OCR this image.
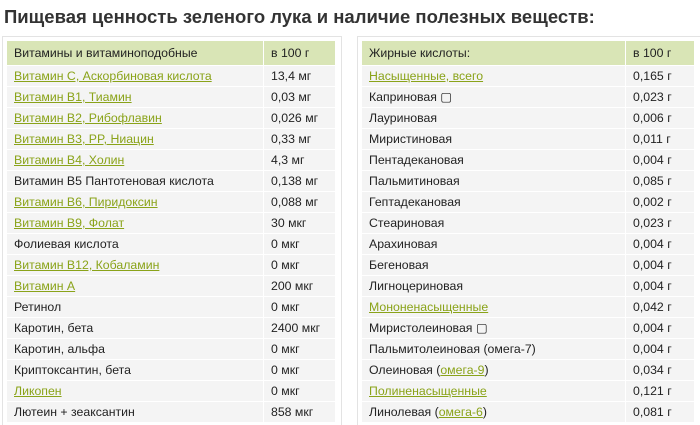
Пищевая ценность зеленого лука и наличие полезных веществ:
Витамины и витаминоподобные	в 100 г
Витамин C, Аскорбиновая кислота	13,4 мг
Витамин B1, Тиамин	0,03 мг
Витамин B2, Рибофлавин	0,026 мг
Витамин B3, PP, Ниацин	0,33 мг
Витамин B4, Холин	4,3 мг
Витамин B5 Пантотеновая кислота	0,138 мг
Витамин B6, Пиридоксин	0,088 мг
Витамин B9, Фолат	30 мкг
Фолиевая кислота	0 мкг
Витамин B12, Кобаламин	0 мкг
Витамин A	200 мкг
Ретинол	0 мкг
Каротин, бета	2400 мкг
Каротин, альфа	0 мкг
Криптоксантин, бета	0 мкг
Ликопен	0 мкг
Лютеин + зеаксантин	858 мкг
Жирные кислоты:	в 100 г
Насыщенные, всего	0,165 г
Каприновая ▢	0,023 г
Лауриновая	0,006 г
Миристиновая	0,011 г
Пентадекановая	0,004 г
Пальмитиновая	0,085 г
Гептадекановая	0,002 г
Стеариновая	0,023 г
Арахиновая	0,004 г
Бегеновая	0,004 г
Лигноцериновая	0,004 г
Мононенасыщенные	0,042 г
Миристолеиновая ▢	0,004 г
Пальмитолеиновая (омега-7)	0,004 г
Олеиновая (омега-9)	0,034 г
Полиненасыщенные	0,121 г
Линолевая (омега-6)	0,081 г
